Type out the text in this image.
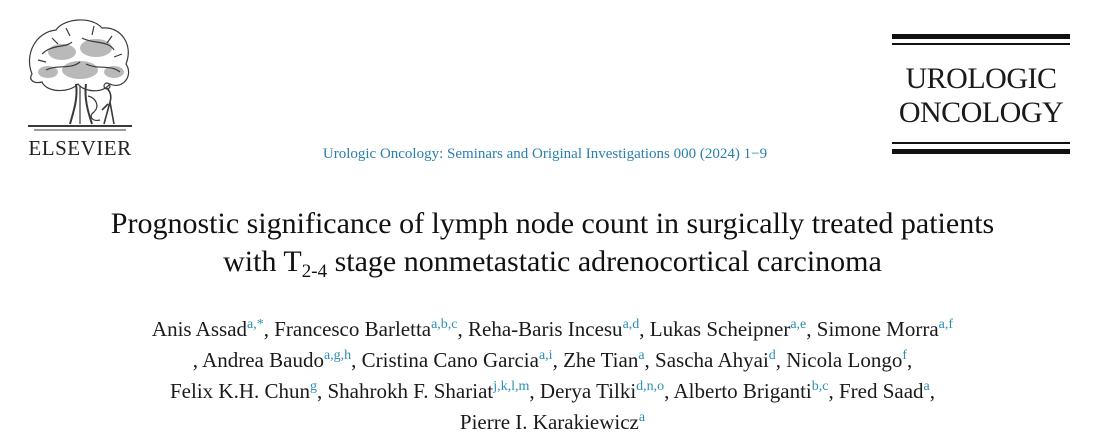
ELSEVIER	Urologic Oncology: Seminars and Original Investigations 000 (2024) 1−9
UROLOGIC
ONCOLOGY
Prognostic significance of lymph node count in surgically treated patients
with $T_{2-4}$ stage nonmetastatic adrenocortical carcinoma
Anis Assad$^{a,*}$, Francesco Barletta$^{a,b,c}$, Reha-Baris Incesu$^{a,d}$, Lukas Scheipner$^{a,e}$, Simone Morra$^{a,f}$
, Andrea Baudo$^{a,g,h}$, Cristina Cano Garcia$^{a,i}$, Zhe Tian$^a$, Sascha Ahyai$^d$, Nicola Longo$^f$,
Felix K.H. Chun$^g$, Shahrokh F. Shariat$^{j,k,l,m}$, Derya Tilki$^{d,n,o}$, Alberto Briganti$^{b,c}$, Fred Saad$^a$,
Pierre I. Karakiewicz$^a$
